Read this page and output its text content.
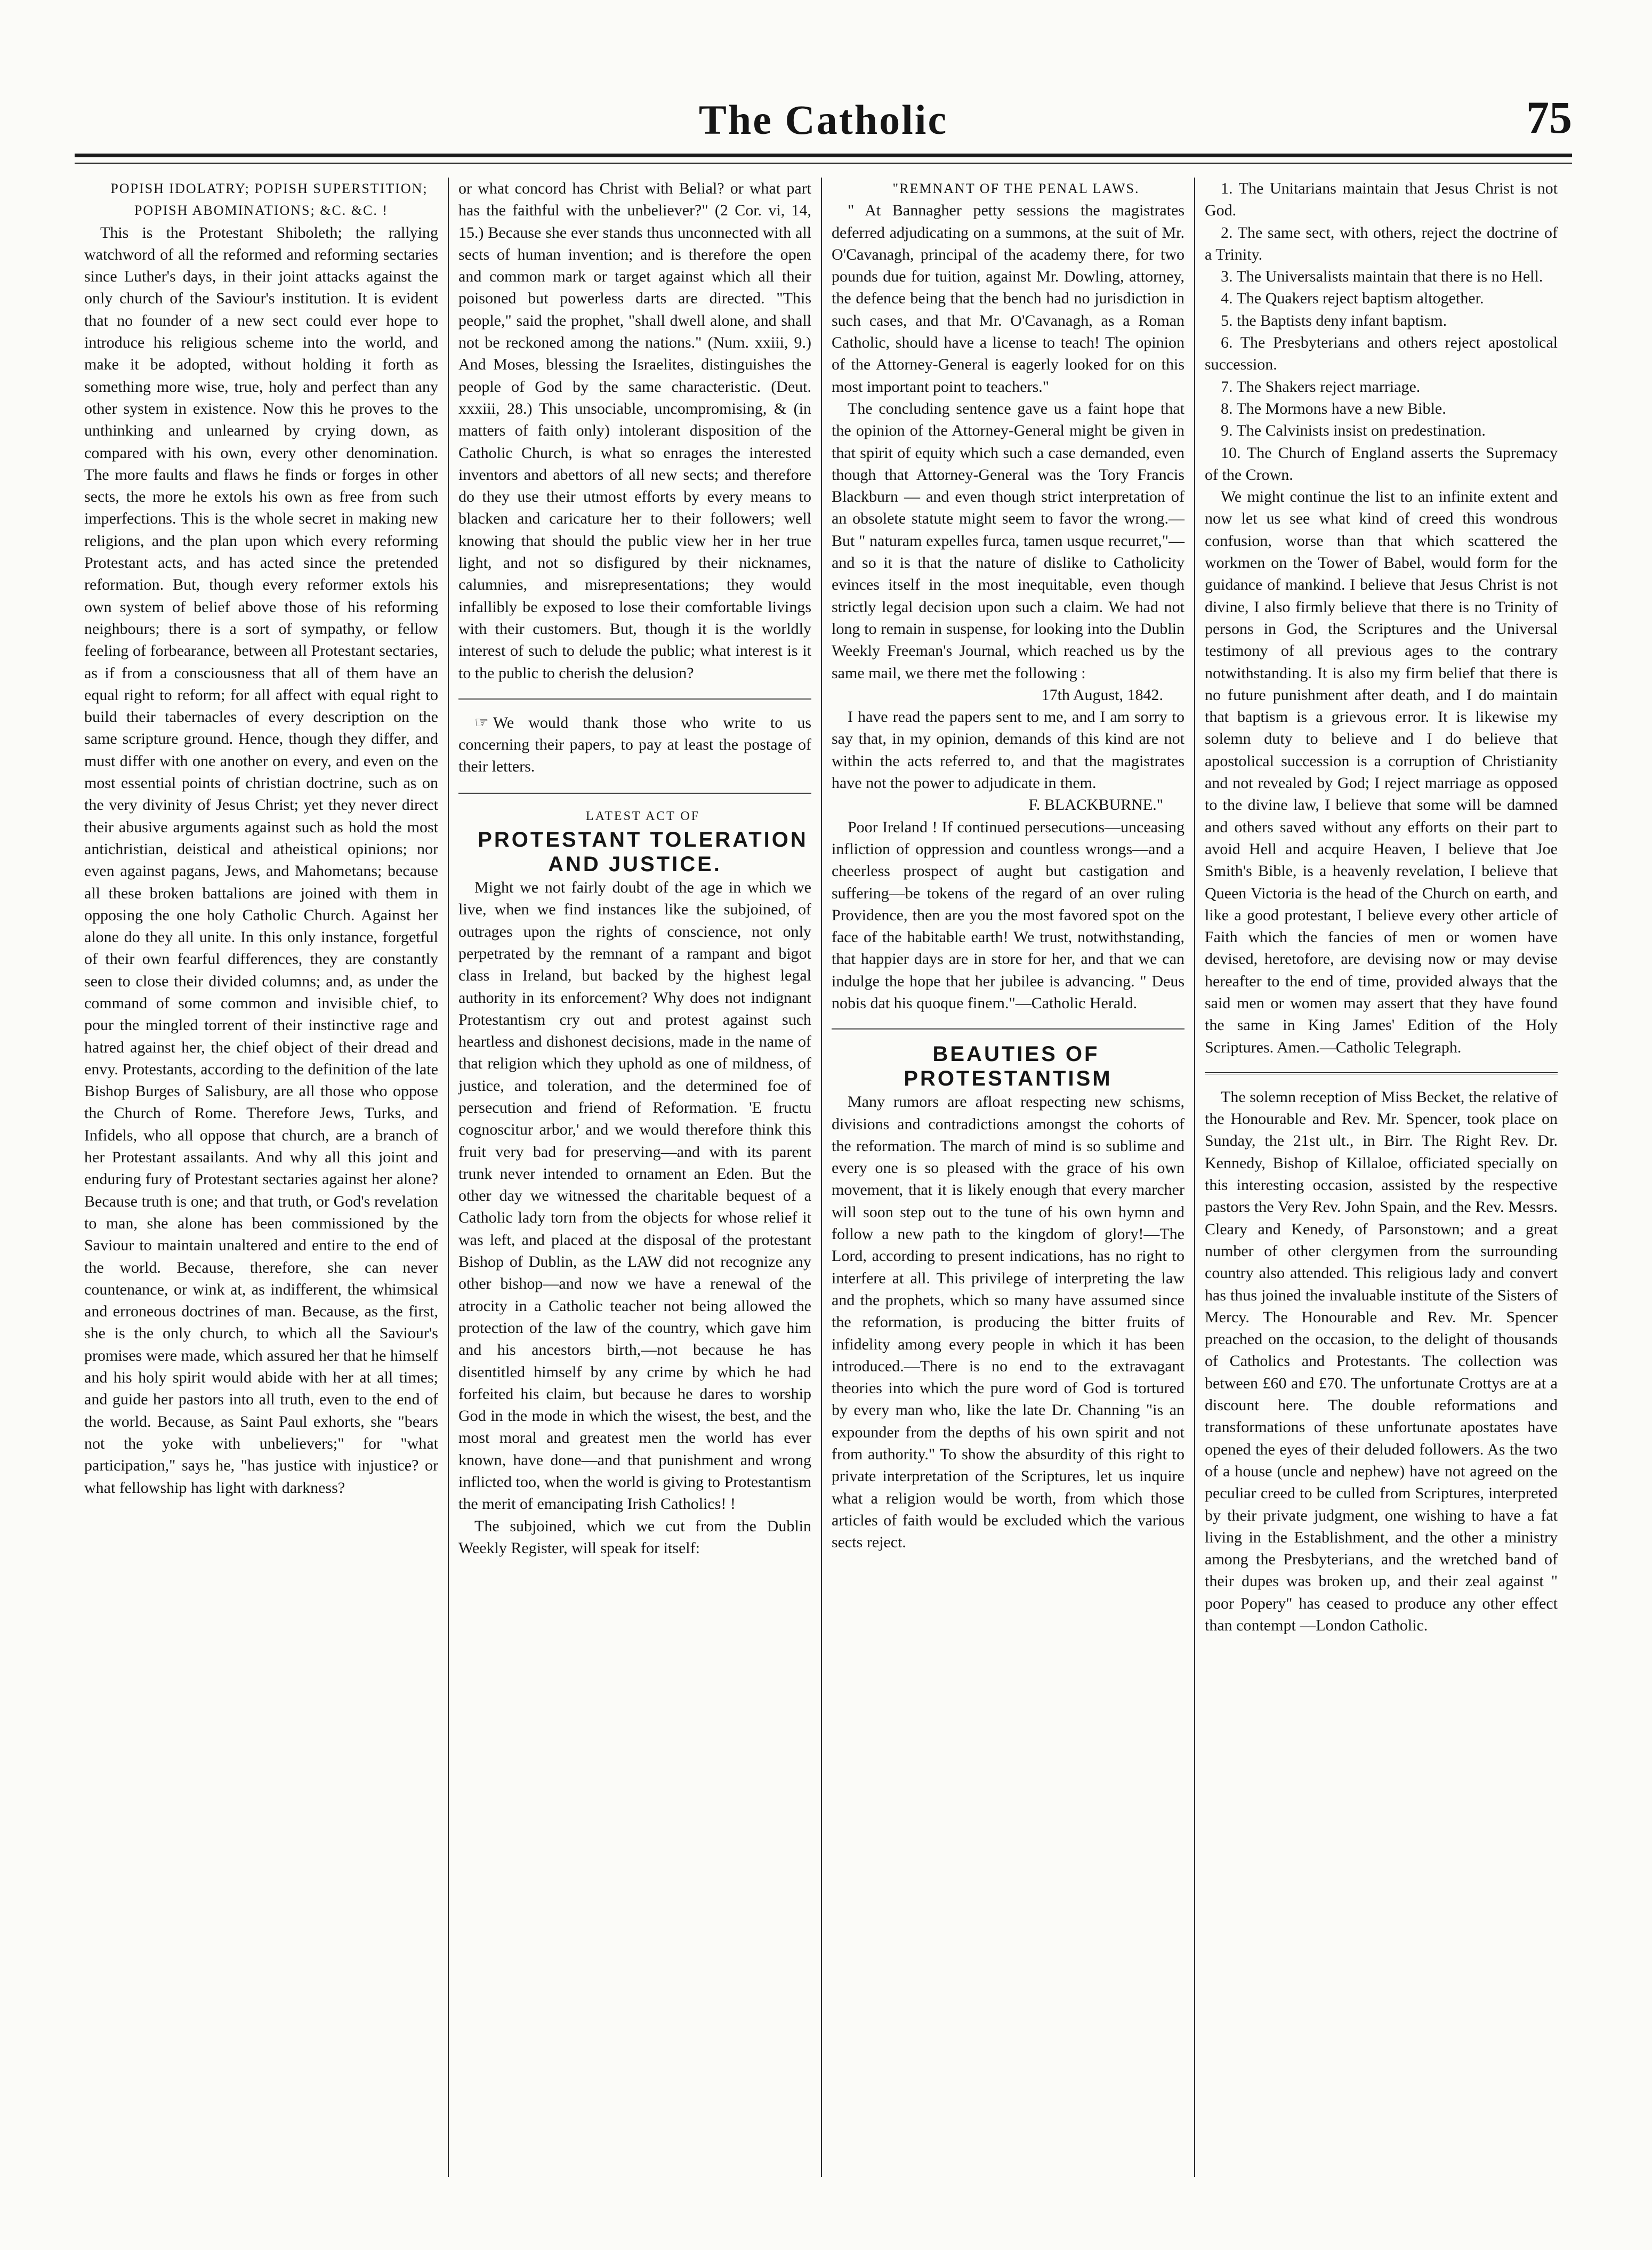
The Catholic	75

POPISH IDOLATRY; POPISH SUPERSTITION; POPISH ABOMINATIONS; &C. &C. !

This is the Protestant Shiboleth; the rallying watchword of all the reformed and reforming sectaries since Luther's days, in their joint attacks against the only church of the Saviour's institution. It is evident that no founder of a new sect could ever hope to introduce his religious scheme into the world, and make it be adopted, without holding it forth as something more wise, true, holy and perfect than any other system in existence. Now this he proves to the unthinking and unlearned by crying down, as compared with his own, every other denomination. The more faults and flaws he finds or forges in other sects, the more he extols his own as free from such imperfections. This is the whole secret in making new religions, and the plan upon which every reforming Protestant acts, and has acted since the pretended reformation. But, though every reformer extols his own system of belief above those of his reforming neighbours; there is a sort of sympathy, or fellow feeling of forbearance, between all Protestant sectaries, as if from a consciousness that all of them have an equal right to reform; for all affect with equal right to build their tabernacles of every description on the same scripture ground. Hence, though they differ, and must differ with one another on every, and even on the most essential points of christian doctrine, such as on the very divinity of Jesus Christ; yet they never direct their abusive arguments against such as hold the most antichristian, deistical and atheistical opinions; nor even against pagans, Jews, and Mahometans; because all these broken battalions are joined with them in opposing the one holy Catholic Church. Against her alone do they all unite. In this only instance, forgetful of their own fearful differences, they are constantly seen to close their divided columns; and, as under the command of some common and invisible chief, to pour the mingled torrent of their instinctive rage and hatred against her, the chief object of their dread and envy. Protestants, according to the definition of the late Bishop Burges of Salisbury, are all those who oppose the Church of Rome. Therefore Jews, Turks, and Infidels, who all oppose that church, are a branch of her Protestant assailants. And why all this joint and enduring fury of Protestant sectaries against her alone? Because truth is one; and that truth, or God's revelation to man, she alone has been commissioned by the Saviour to maintain unaltered and entire to the end of the world. Because, therefore, she can never countenance, or wink at, as indifferent, the whimsical and erroneous doctrines of man. Because, as the first, she is the only church, to which all the Saviour's promises were made, which assured her that he himself and his holy spirit would abide with her at all times; and guide her pastors into all truth, even to the end of the world. Because, as Saint Paul exhorts, she "bears not the yoke with unbelievers;" for "what participation," says he, "has justice with injustice? or what fellowship has light with darkness?

or what concord has Christ with Belial? or what part has the faithful with the unbeliever?" (2 Cor. vi, 14, 15.) Because she ever stands thus unconnected with all sects of human invention; and is therefore the open and common mark or target against which all their poisoned but powerless darts are directed. "This people," said the prophet, "shall dwell alone, and shall not be reckoned among the nations." (Num. xxiii, 9.) And Moses, blessing the Israelites, distinguishes the people of God by the same characteristic. (Deut. xxxiii, 28.) This unsociable, uncompromising, & (in matters of faith only) intolerant disposition of the Catholic Church, is what so enrages the interested inventors and abettors of all new sects; and therefore do they use their utmost efforts by every means to blacken and caricature her to their followers; well knowing that should the public view her in her true light, and not so disfigured by their nicknames, calumnies, and misrepresentations; they would infallibly be exposed to lose their comfortable livings with their customers. But, though it is the worldly interest of such to delude the public; what interest is it to the public to cherish the delusion?

☞ We would thank those who write to us concerning their papers, to pay at least the postage of their letters.

LATEST ACT OF

PROTESTANT TOLERATION AND JUSTICE.

Might we not fairly doubt of the age in which we live, when we find instances like the subjoined, of outrages upon the rights of conscience, not only perpetrated by the remnant of a rampant and bigot class in Ireland, but backed by the highest legal authority in its enforcement? Why does not indignant Protestantism cry out and protest against such heartless and dishonest decisions, made in the name of that religion which they uphold as one of mildness, of justice, and toleration, and the determined foe of persecution and friend of Reformation. 'E fructu cognoscitur arbor,' and we would therefore think this fruit very bad for preserving—and with its parent trunk never intended to ornament an Eden. But the other day we witnessed the charitable bequest of a Catholic lady torn from the objects for whose relief it was left, and placed at the disposal of the protestant Bishop of Dublin, as the LAW did not recognize any other bishop—and now we have a renewal of the atrocity in a Catholic teacher not being allowed the protection of the law of the country, which gave him and his ancestors birth,—not because he has disentitled himself by any crime by which he had forfeited his claim, but because he dares to worship God in the mode in which the wisest, the best, and the most moral and greatest men the world has ever known, have done—and that punishment and wrong inflicted too, when the world is giving to Protestantism the merit of emancipating Irish Catholics! !

The subjoined, which we cut from the Dublin Weekly Register, will speak for itself:

"REMNANT OF THE PENAL LAWS.

" At Bannagher petty sessions the magistrates deferred adjudicating on a summons, at the suit of Mr. O'Cavanagh, principal of the academy there, for two pounds due for tuition, against Mr. Dowling, attorney, the defence being that the bench had no jurisdiction in such cases, and that Mr. O'Cavanagh, as a Roman Catholic, should have a license to teach! The opinion of the Attorney-General is eagerly looked for on this most important point to teachers."

The concluding sentence gave us a faint hope that the opinion of the Attorney-General might be given in that spirit of equity which such a case demanded, even though that Attorney-General was the Tory Francis Blackburn — and even though strict interpretation of an obsolete statute might seem to favor the wrong.— But " naturam expelles furca, tamen usque recurret,"—and so it is that the nature of dislike to Catholicity evinces itself in the most inequitable, even though strictly legal decision upon such a claim. We had not long to remain in suspense, for looking into the Dublin Weekly Freeman's Journal, which reached us by the same mail, we there met the following :

17th August, 1842.

I have read the papers sent to me, and I am sorry to say that, in my opinion, demands of this kind are not within the acts referred to, and that the magistrates have not the power to adjudicate in them.

F. BLACKBURNE."

Poor Ireland ! If continued persecutions—unceasing infliction of oppression and countless wrongs—and a cheerless prospect of aught but castigation and suffering—be tokens of the regard of an over ruling Providence, then are you the most favored spot on the face of the habitable earth! We trust, notwithstanding, that happier days are in store for her, and that we can indulge the hope that her jubilee is advancing. " Deus nobis dat his quoque finem."—Catholic Herald.

BEAUTIES OF PROTESTANTISM

Many rumors are afloat respecting new schisms, divisions and contradictions amongst the cohorts of the reformation. The march of mind is so sublime and every one is so pleased with the grace of his own movement, that it is likely enough that every marcher will soon step out to the tune of his own hymn and follow a new path to the kingdom of glory!—The Lord, according to present indications, has no right to interfere at all. This privilege of interpreting the law and the prophets, which so many have assumed since the reformation, is producing the bitter fruits of infidelity among every people in which it has been introduced.—There is no end to the extravagant theories into which the pure word of God is tortured by every man who, like the late Dr. Channing "is an expounder from the depths of his own spirit and not from authority." To show the absurdity of this right to private interpretation of the Scriptures, let us inquire what a religion would be worth, from which those articles of faith would be excluded which the various sects reject.

1. The Unitarians maintain that Jesus Christ is not God.

2. The same sect, with others, reject the doctrine of a Trinity.

3. The Universalists maintain that there is no Hell.

4. The Quakers reject baptism altogether.

5. the Baptists deny infant baptism.

6. The Presbyterians and others reject apostolical succession.

7. The Shakers reject marriage.

8. The Mormons have a new Bible.

9. The Calvinists insist on predestination.

10. The Church of England asserts the Supremacy of the Crown.

We might continue the list to an infinite extent and now let us see what kind of creed this wondrous confusion, worse than that which scattered the workmen on the Tower of Babel, would form for the guidance of mankind. I believe that Jesus Christ is not divine, I also firmly believe that there is no Trinity of persons in God, the Scriptures and the Universal testimony of all previous ages to the contrary notwithstanding. It is also my firm belief that there is no future punishment after death, and I do maintain that baptism is a grievous error. It is likewise my solemn duty to believe and I do believe that apostolical succession is a corruption of Christianity and not revealed by God; I reject marriage as opposed to the divine law, I believe that some will be damned and others saved without any efforts on their part to avoid Hell and acquire Heaven, I believe that Joe Smith's Bible, is a heavenly revelation, I believe that Queen Victoria is the head of the Church on earth, and like a good protestant, I believe every other article of Faith which the fancies of men or women have devised, heretofore, are devising now or may devise hereafter to the end of time, provided always that the said men or women may assert that they have found the same in King James' Edition of the Holy Scriptures. Amen.—Catholic Telegraph.

The solemn reception of Miss Becket, the relative of the Honourable and Rev. Mr. Spencer, took place on Sunday, the 21st ult., in Birr. The Right Rev. Dr. Kennedy, Bishop of Killaloe, officiated specially on this interesting occasion, assisted by the respective pastors the Very Rev. John Spain, and the Rev. Messrs. Cleary and Kenedy, of Parsonstown; and a great number of other clergymen from the surrounding country also attended. This religious lady and convert has thus joined the invaluable institute of the Sisters of Mercy. The Honourable and Rev. Mr. Spencer preached on the occasion, to the delight of thousands of Catholics and Protestants. The collection was between £60 and £70. The unfortunate Crottys are at a discount here. The double reformations and transformations of these unfortunate apostates have opened the eyes of their deluded followers. As the two of a house (uncle and nephew) have not agreed on the peculiar creed to be culled from Scriptures, interpreted by their private judgment, one wishing to have a fat living in the Establishment, and the other a ministry among the Presbyterians, and the wretched band of their dupes was broken up, and their zeal against " poor Popery" has ceased to produce any other effect than contempt —London Catholic.
